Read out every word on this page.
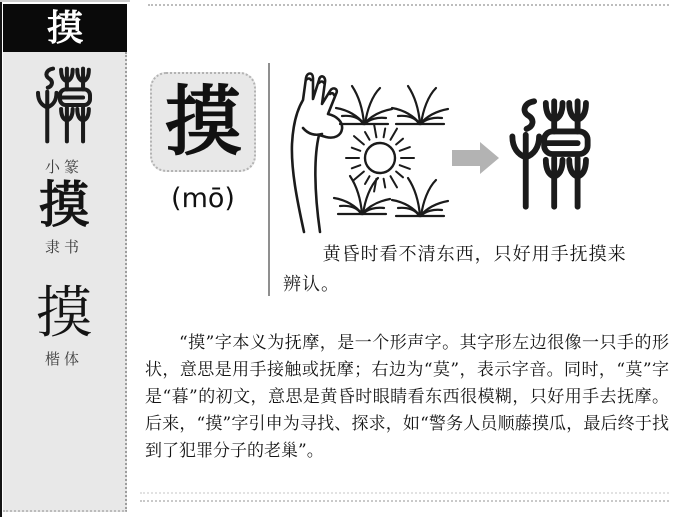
摸
小篆
摸
隶书
摸
楷体
摸
(mō)
黄昏时看不清东西，只好用手抚摸来
辨认。
“摸”字本义为抚摩，是一个形声字。其字形左边很像一只手的形状，意思是用手接触或抚摩；右边为“莫”，表示字音。同时，“莫”字是“暮”的初文，意思是黄昏时眼睛看东西很模糊，只好用手去抚摩。后来，“摸”字引申为寻找、探求，如“警务人员顺藤摸瓜，最后终于找到了犯罪分子的老巢”。
